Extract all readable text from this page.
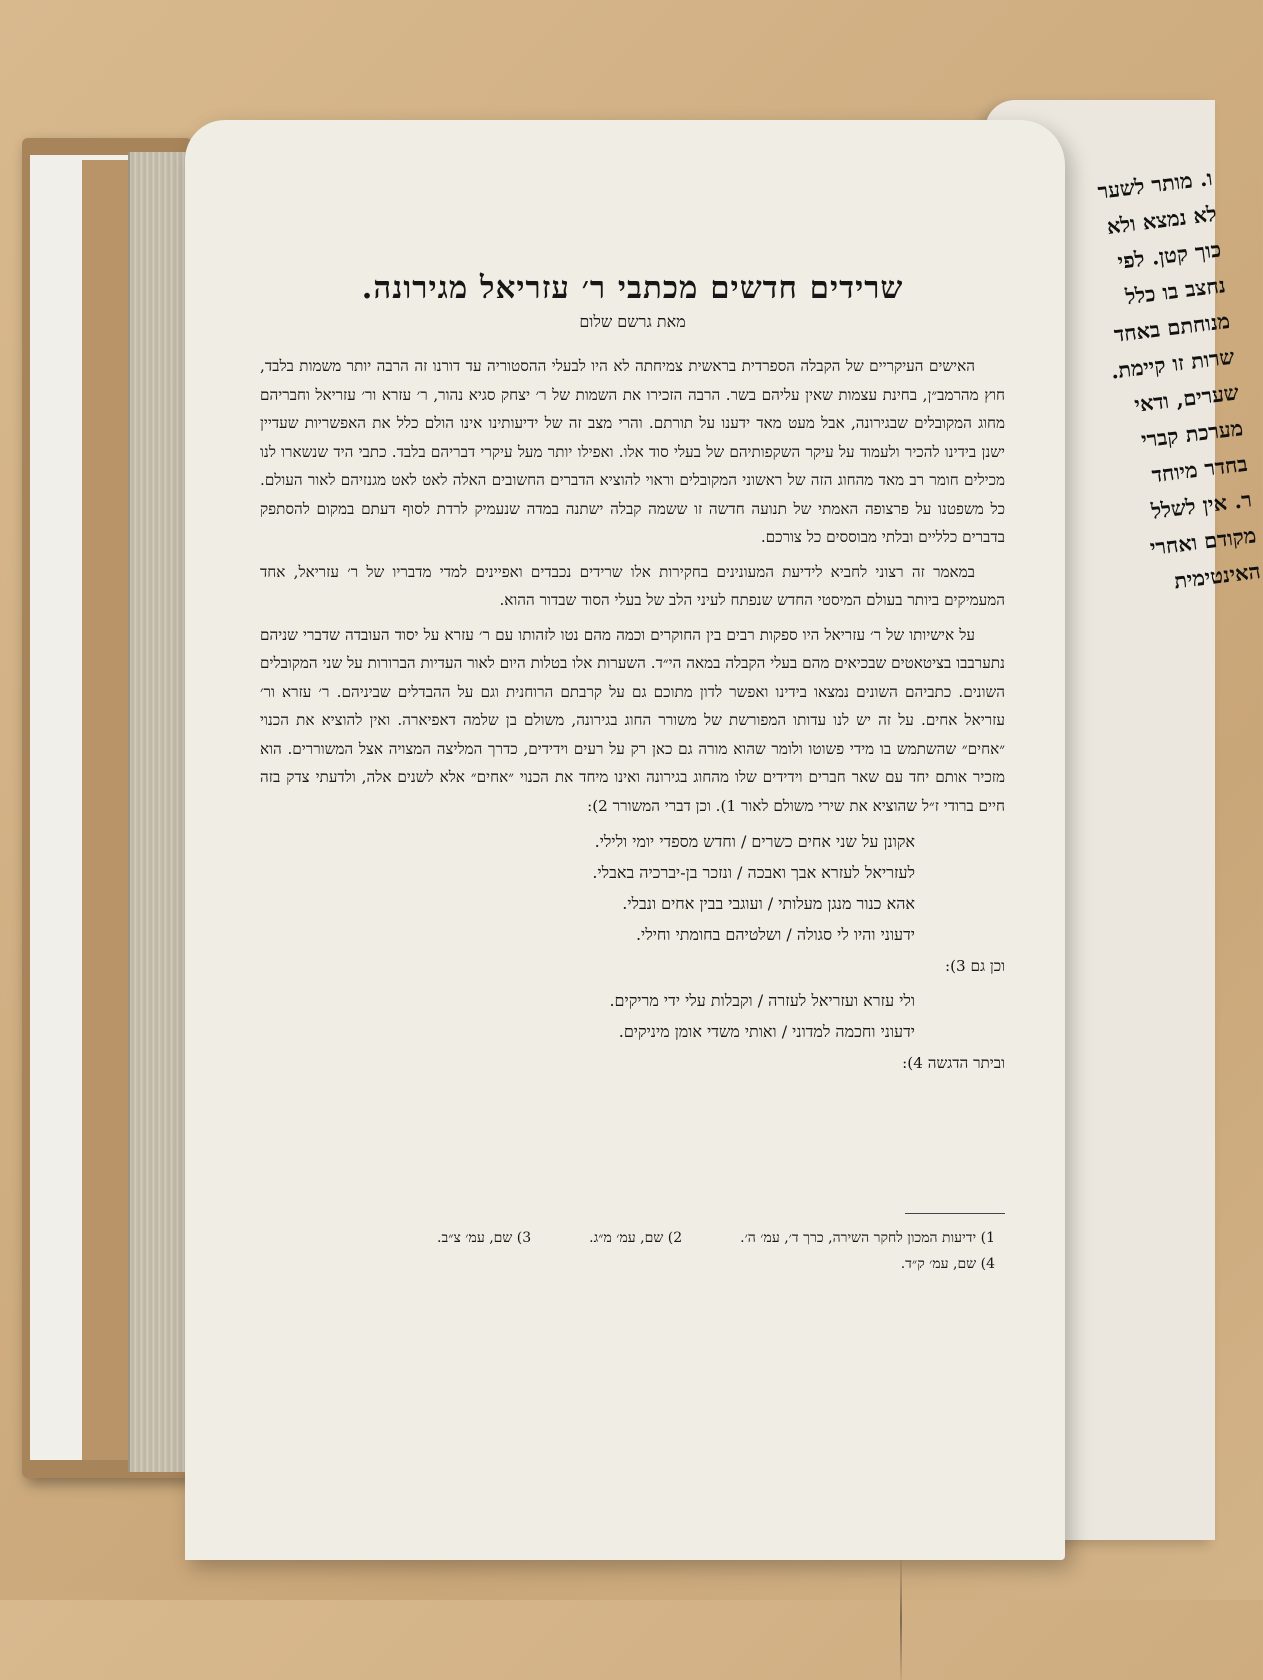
ו. מותר לשער
לא נמצא ולא
כוך קטן. לפי
נחצב בו כלל
מנוחתם באחד
שרות זו קיימת.
שערים, ודאי
מערכת קברי
בחדר מיוחד
ר. אין לשלל
מקודם ואחרי
האינטימית
שרידים חדשים מכתבי ר׳ עזריאל מגירונה.
מאת גרשם שלום

האישים העיקריים של הקבלה הספרדית בראשית צמיחתה לא היו לבעלי ההסטוריה עד דורנו זה הרבה יותר משמות בלבד, חוץ מהרמב״ן, בחינת עצמות שאין עליהם בשר. הרבה הזכירו את השמות של ר׳ יצחק סגיא נהור, ר׳ עזרא ור׳ עזריאל וחבריהם מחוג המקובלים שבגירונה, אבל מעט מאד ידענו על תורתם. והרי מצב זה של ידיעותינו אינו הולם כלל את האפשריות שעדיין ישנן בידינו להכיר ולעמוד על עיקר השקפותיהם של בעלי סוד אלו. ואפילו יותר מעל עיקרי דבריהם בלבד. כתבי היד שנשארו לנו מכילים חומר רב מאד מהחוג הזה של ראשוני המקובלים וראוי להוציא הדברים החשובים האלה לאט לאט מגנזיהם לאור העולם. כל משפטנו על פרצופה האמתי של תנועה חדשה זו ששמה קבלה ישתנה במדה שנעמיק לרדת לסוף דעתם במקום להסתפק בדברים כלליים ובלתי מבוססים כל צורכם.

במאמר זה רצוני לחביא לידיעת המעונינים בחקירות אלו שרידים נכבדים ואפיינים למדי מדבריו של ר׳ עזריאל, אחד המעמיקים ביותר בעולם המיסטי החדש שנפתח לעיני הלב של בעלי הסוד שבדור ההוא.

על אישיותו של ר׳ עזריאל היו ספקות רבים בין החוקרים וכמה מהם נטו לזהותו עם ר׳ עזרא על יסוד העובדה שדברי שניהם נתערבבו בציטאטים שבכיאים מהם בעלי הקבלה במאה הי״ד. השערות אלו בטלות היום לאור העדיות הברורות על שני המקובלים השונים. כתביהם השונים נמצאו בידינו ואפשר לדון מתוכם גם על קרבתם הרוחנית וגם על ההבדלים שביניהם. ר׳ עזרא ור׳ עזריאל אחים. על זה יש לנו עדותו המפורשת של משורר החוג בגירונה, משולם בן שלמה דאפיארה. ואין להוציא את הכנוי ״אחים״ שהשתמש בו מידי פשוטו ולומר שהוא מורה גם כאן רק על רעים וידידים, כדרך המליצה המצויה אצל המשוררים. הוא מזכיר אותם יחד עם שאר חברים וידידים שלו מהחוג בגירונה ואינו מיחד את הכנוי ״אחים״ אלא לשנים אלה, ולדעתי צדק בזה חיים ברודי ז״ל שהוציא את שירי משולם לאור 1). וכן דברי המשורר 2):

אקונן על שני אחים כשרים / וחדש מספדי יומי ולילי.
לעזריאל לעזרא אבך ואבכה / ונזכר בן-יברכיה באבלי.
אהא כנור מנגן מעלותי / ועוגבי בבין אחים ונבלי.
ידעוני והיו לי סגולה / ושלטיהם בחומתי וחילי.

וכן גם 3):

ולי עזרא ועזריאל לעזרה / וקבלות עלי ידי מריקים.
ידעוני וחכמה למדוני / ואותי משדי אומן מיניקים.

וביתר הדגשה 4):

1) ידיעות המכון לחקר השירה, כרך ד׳, עמ׳ ה׳.
2) שם, עמ׳ מ״ג.
3) שם, עמ׳ צ״ב.
4) שם, עמ׳ ק״ד.
